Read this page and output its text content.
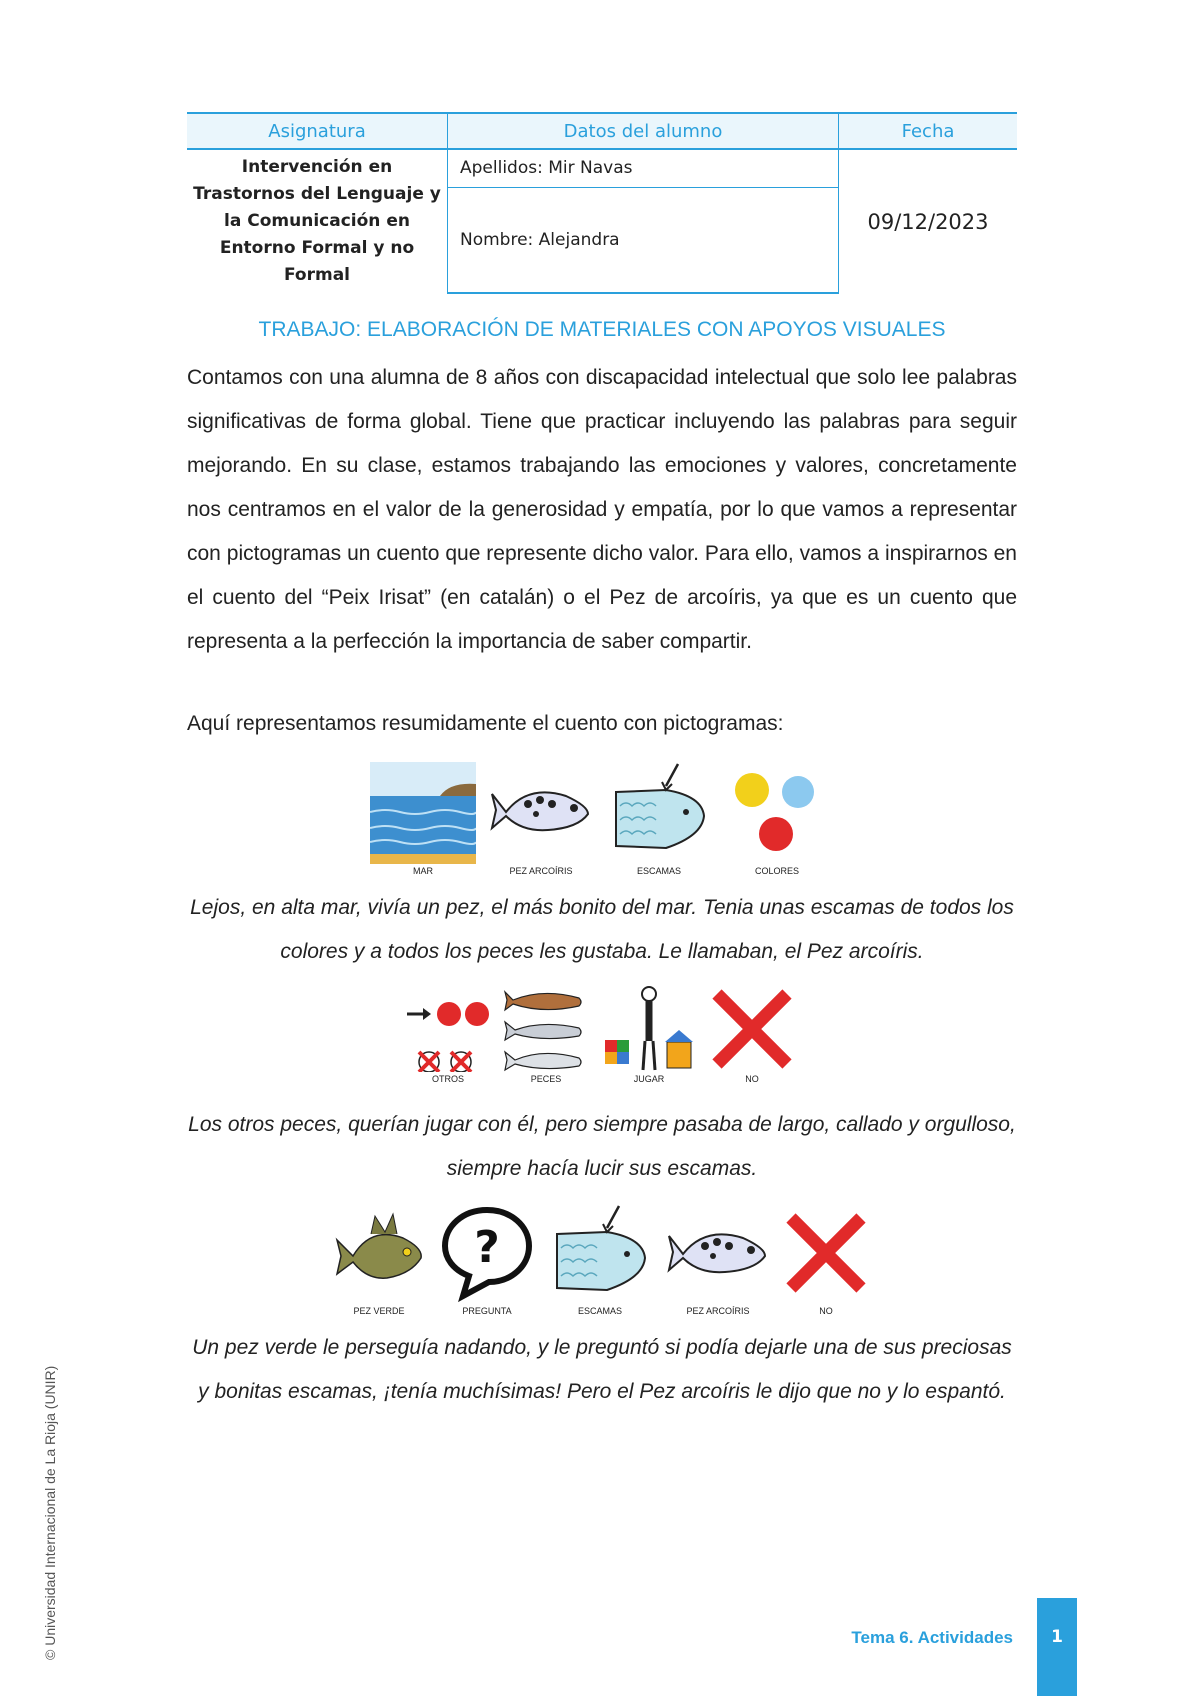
Asignatura	Datos del alumno	Fecha
Intervención en Trastornos del Lenguaje y la Comunicación en Entorno Formal y no Formal	Apellidos: Mir Navas	09/12/2023
	Nombre: Alejandra	
TRABAJO: ELABORACIÓN DE MATERIALES CON APOYOS VISUALES

Contamos con una alumna de 8 años con discapacidad intelectual que solo lee palabras significativas de forma global. Tiene que practicar incluyendo las palabras para seguir mejorando. En su clase, estamos trabajando las emociones y valores, concretamente nos centramos en el valor de la generosidad y empatía, por lo que vamos a representar con pictogramas un cuento que represente dicho valor. Para ello, vamos a inspirarnos en el cuento del “Peix Irisat” (en catalán) o el Pez de arcoíris, ya que es un cuento que representa a la perfección la importancia de saber compartir.

Aquí representamos resumidamente el cuento con pictogramas:

MAR	PEZ ARCOÍRIS	ESCAMAS	COLORES

Lejos, en alta mar, vivía un pez, el más bonito del mar. Tenia unas escamas de todos los colores y a todos los peces les gustaba. Le llamaban, el Pez arcoíris.

OTROS	PECES	JUGAR	NO

Los otros peces, querían jugar con él, pero siempre pasaba de largo, callado y orgulloso, siempre hacía lucir sus escamas.

PEZ VERDE
?
PREGUNTA	ESCAMAS	PEZ ARCOÍRIS	NO

Un pez verde le perseguía nadando, y le preguntó si podía dejarle una de sus preciosas y bonitas escamas, ¡tenía muchísimas! Pero el Pez arcoíris le dijo que no y lo espantó.

© Universidad Internacional de La Rioja (UNIR)	Tema 6. Actividades	1
